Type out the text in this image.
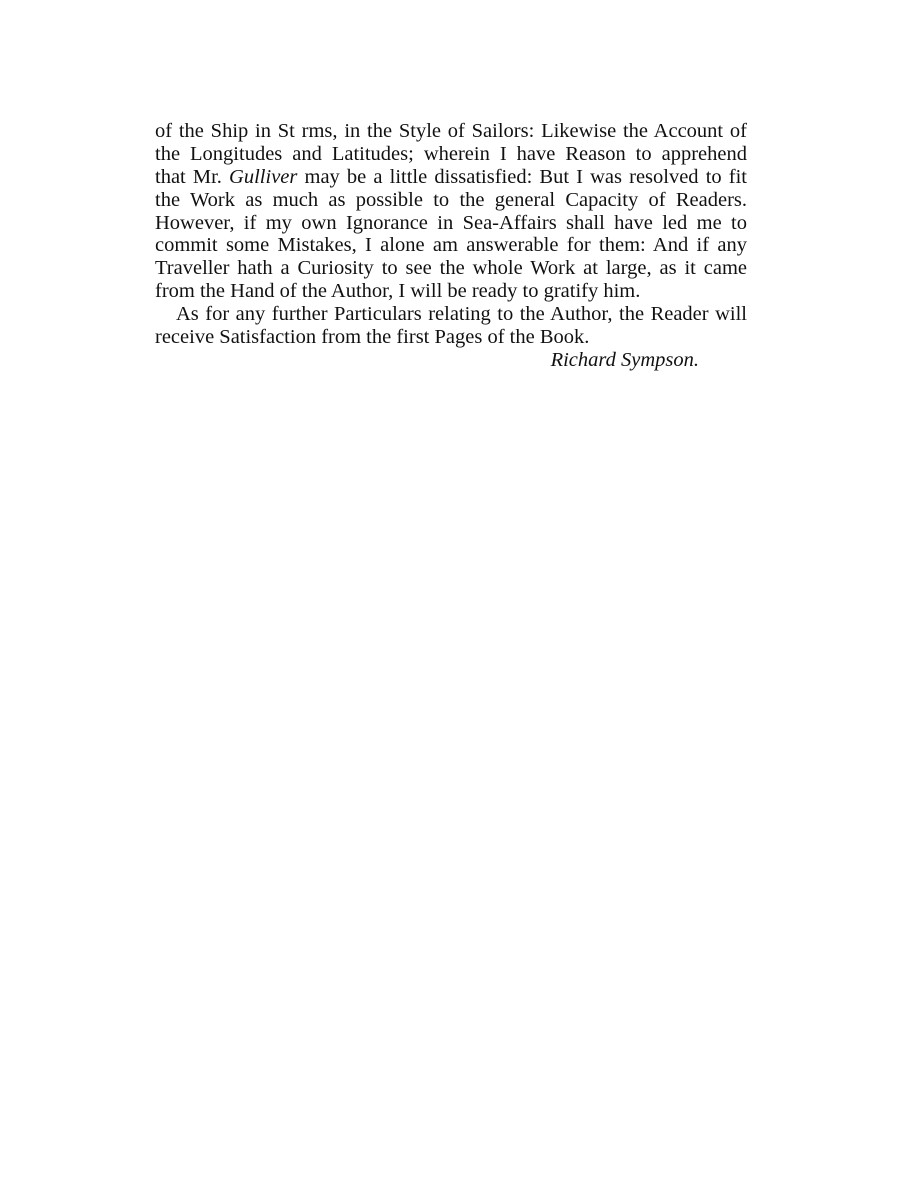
of the Ship in St rms, in the Style of Sailors: Likewise the Account of
the Longitudes and Latitudes; wherein I have Reason to apprehend
that Mr. Gulliver may be a little dissatisfied: But I was resolved to fit
the Work as much as possible to the general Capacity of Readers.
However, if my own Ignorance in Sea-Affairs shall have led me to
commit some Mistakes, I alone am answerable for them: And if any
Traveller hath a Curiosity to see the whole Work at large, as it came
from the Hand of the Author, I will be ready to gratify him.
As for any further Particulars relating to the Author, the Reader will
receive Satisfaction from the first Pages of the Book.
Richard Sympson.
